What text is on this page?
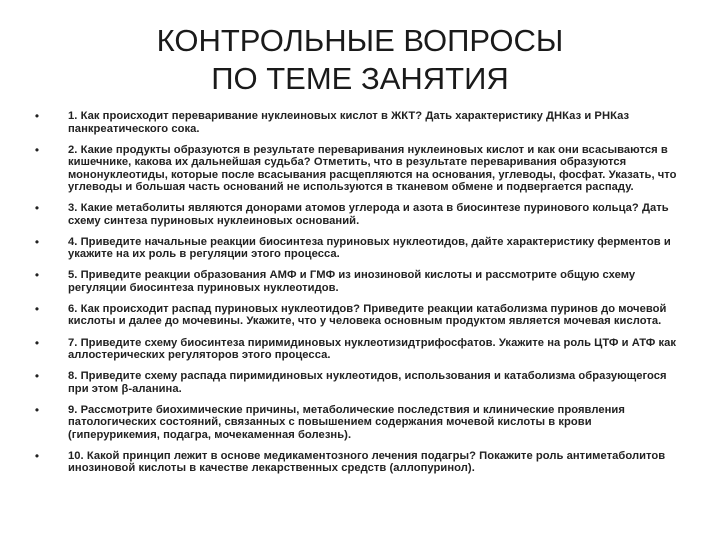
КОНТРОЛЬНЫЕ ВОПРОСЫ
ПО ТЕМЕ ЗАНЯТИЯ
•	1. Как происходит переваривание нуклеиновых кислот в ЖКТ? Дать характеристику ДНКаз и РНКаз панкреатического сока.
•	2. Какие продукты образуются в результате переваривания нуклеиновых кислот и как они всасываются в кишечнике, какова их дальнейшая судьба? Отметить, что в результате переваривания образуются мононуклеотиды, которые после всасывания расщепляются на основания, углеводы, фосфат. Указать, что углеводы и большая часть оснований не используются в тканевом обмене и подвергается распаду.
•	3. Какие метаболиты являются донорами атомов углерода и азота в биосинтезе пуринового кольца? Дать схему синтеза пуриновых нуклеиновых оснований.
•	4. Приведите начальные реакции биосинтеза пуриновых нуклеотидов, дайте характеристику ферментов и укажите на их роль в регуляции этого процесса.
•	5. Приведите реакции образования АМФ и ГМФ из инозиновой кислоты и рассмотрите общую схему регуляции биосинтеза пуриновых нуклеотидов.
•	6. Как происходит распад пуриновых нуклеотидов? Приведите реакции катаболизма пуринов до мочевой кислоты и далее до мочевины. Укажите, что у человека основным продуктом является мочевая кислота.
•	7. Приведите схему биосинтеза пиримидиновых нуклеотизидтрифосфатов. Укажите на роль ЦТФ и АТФ как аллостерических регуляторов этого процесса.
•	8. Приведите схему распада пиримидиновых нуклеотидов, использования и катаболизма образующегося при этом β-аланина.
•	9. Рассмотрите биохимические причины, метаболические последствия и клинические проявления патологических состояний, связанных с повышением содержания мочевой кислоты в крови (гиперурикемия, подагра, мочекаменная болезнь).
•	10. Какой принцип лежит в основе медикаментозного лечения подагры? Покажите роль антиметаболитов инозиновой кислоты в качестве лекарственных средств (аллопуринол).
